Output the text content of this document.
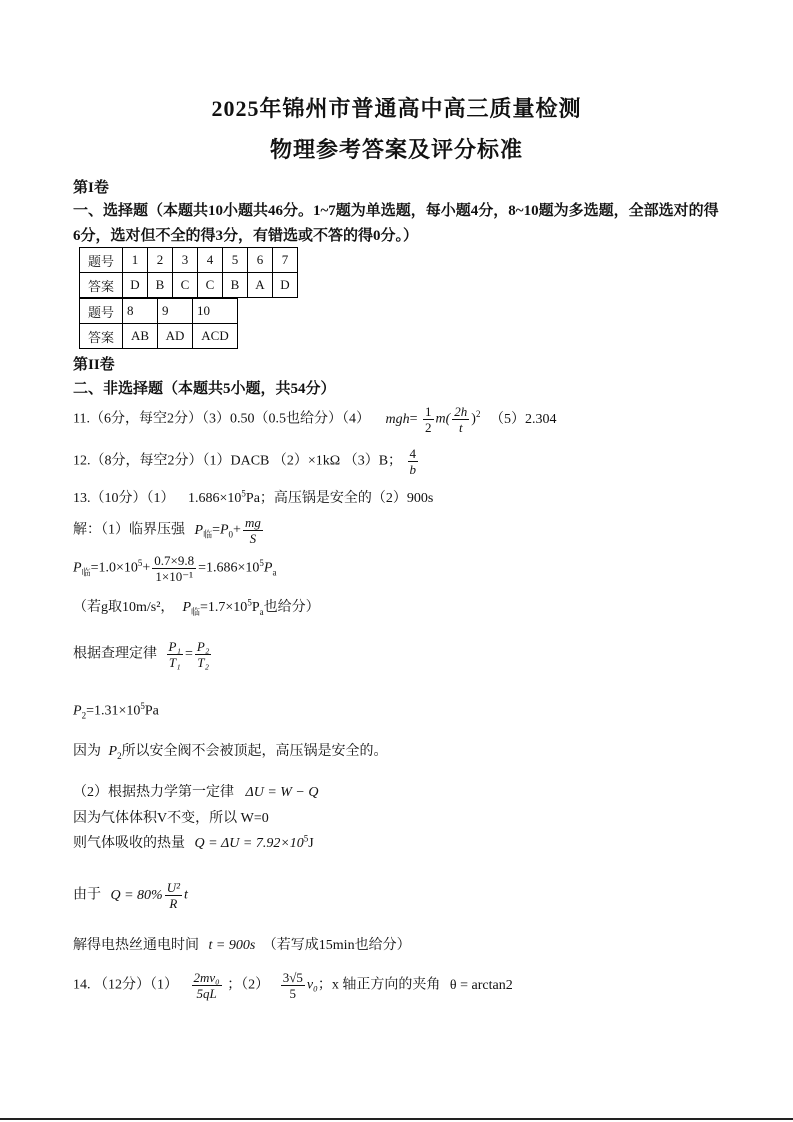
2025年锦州市普通高中高三质量检测
物理参考答案及评分标准
第I卷
一、选择题（本题共10小题共46分。1~7题为单选题，每小题4分，8~10题为多选题，全部选对的得6分，选对但不全的得3分，有错选或不答的得0分。）
题号	1	2	3	4	5	6	7
答案	D	B	C	C	B	A	D
题号	8	9	10
答案	AB	AD	ACD
第II卷
二、非选择题（本题共5小题，共54分）
11.（6分，每空2分）（3）0.50（0.5也给分）（4） $mgh= \frac{1}{2} m( \frac{2h}{t} )^2$ （5）2.304
12.（8分，每空2分）（1）DACB （2）×1kΩ （3）B； $\frac{4}{b}$
13.（10分）（1） $1.686\times 10^5Pa$；高压锅是安全的（2）900s
解：（1）临界压强 $P_临=P_0+ \frac{mg}{S}$
$P_临=1.0\times 10^5+ \frac{0.7\times 9.8}{\text{1×10⁻¹}} =1.686\times 10^5P_a$
（若g取10m/s²， $P_临=1.7\times 10^5P_a$也给分）
根据查理定律 $\frac{\text{P₁}}{\text{T₁}} = \frac{\text{P₂}}{\text{T₂}}$
$P_2=1.31\times 10^5Pa$
因为 $P_2$所以安全阀不会被顶起，高压锅是安全的。
（2）根据热力学第一定律 ΔU = W − Q
因为气体体积V不变，所以 W=0
则气体吸收的热量 $Q = \Delta U = 7.92\times 10^5J$
由于 $Q = 80\% \frac{\text{U²}}{R}$ t
解得电热丝通电时间 t = 900s （若写成15min也给分）
14. （12分）$(1) \frac{\text{2mv₀}}{5qL}$ ；$(2) \frac{3√5}{5} v_0$；x 轴正方向的夹角 θ = arctan2
